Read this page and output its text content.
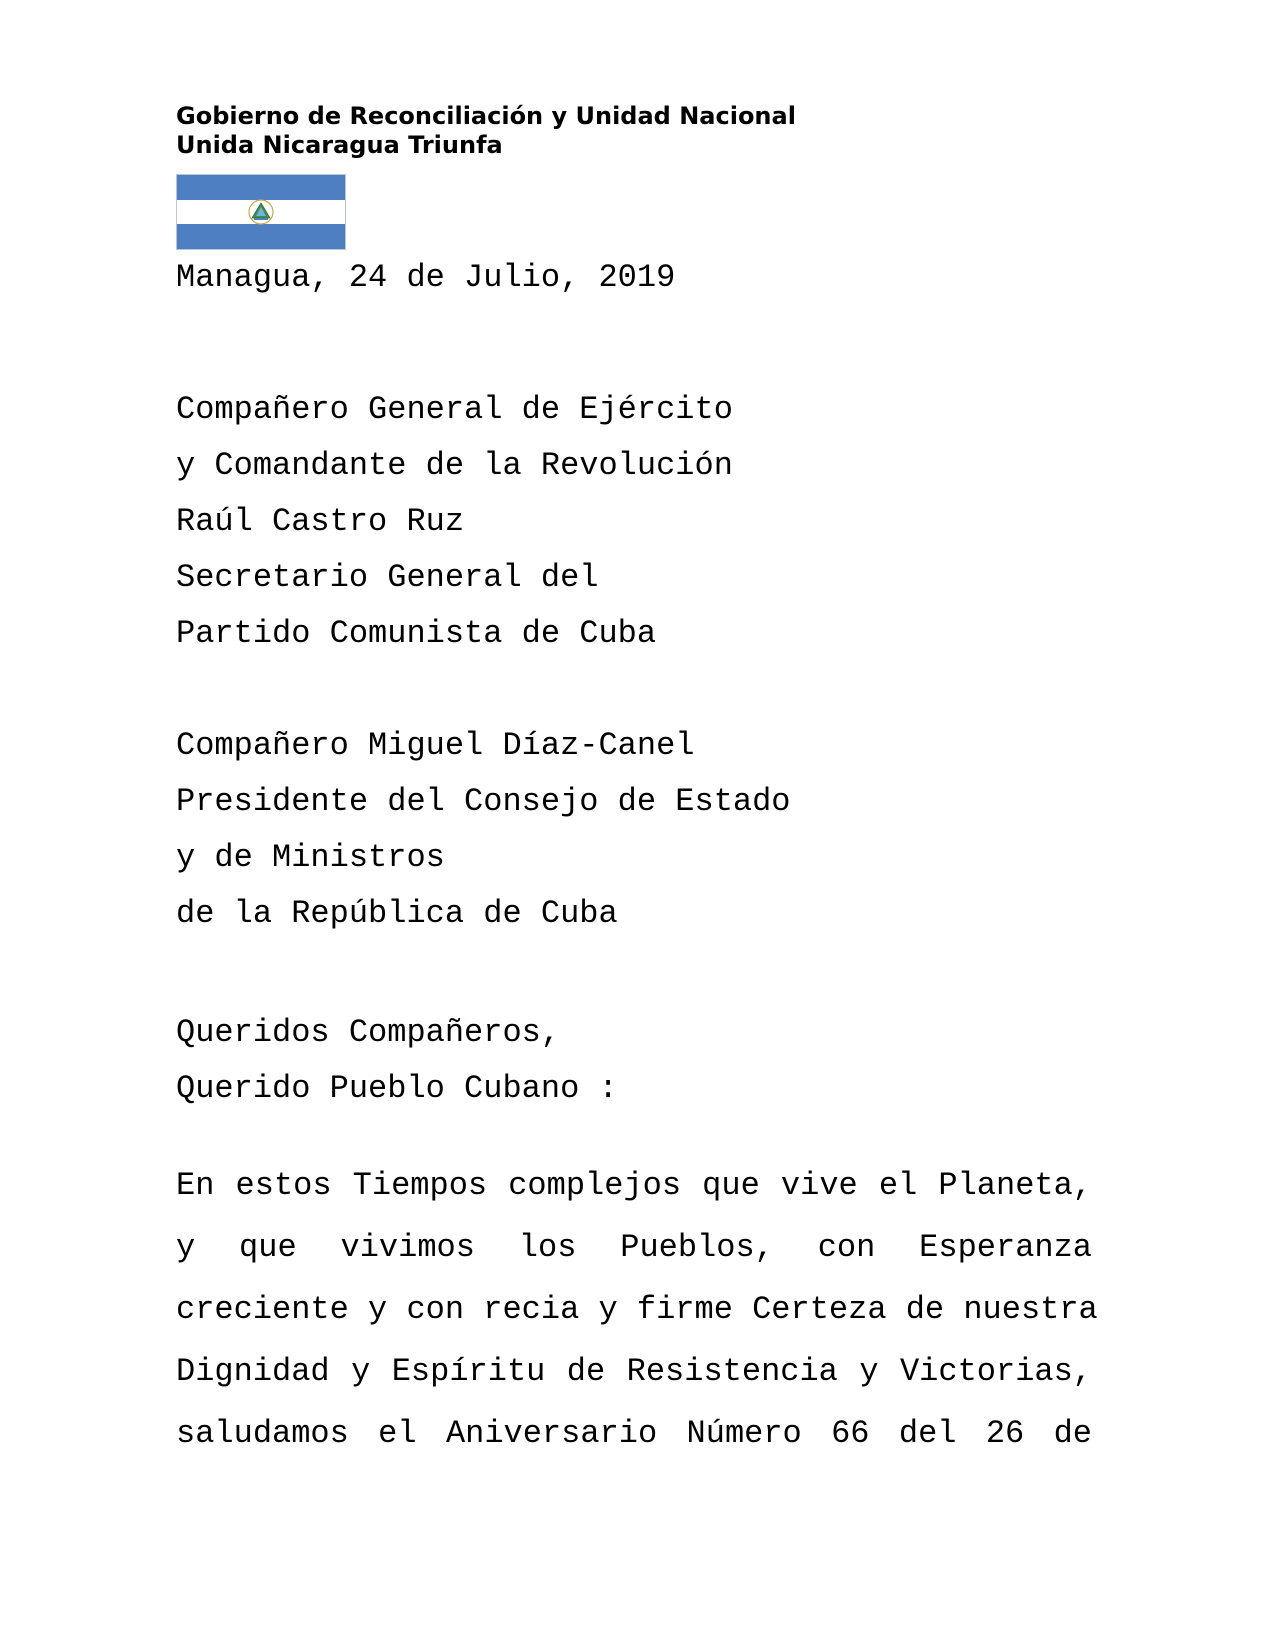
Gobierno de Reconciliación y Unidad Nacional
Unida Nicaragua Triunfa
Managua, 24 de Julio, 2019
Compañero General de Ejército
y Comandante de la Revolución
Raúl Castro Ruz
Secretario General del
Partido Comunista de Cuba
Compañero Miguel Díaz-Canel
Presidente del Consejo de Estado
y de Ministros
de la República de Cuba
Queridos Compañeros,
Querido Pueblo Cubano :
En estos Tiempos complejos que vive el Planeta,
y que vivimos los Pueblos, con Esperanza
creciente y con recia y firme Certeza de nuestra
Dignidad y Espíritu de Resistencia y Victorias,
saludamos el Aniversario Número 66 del 26 de
